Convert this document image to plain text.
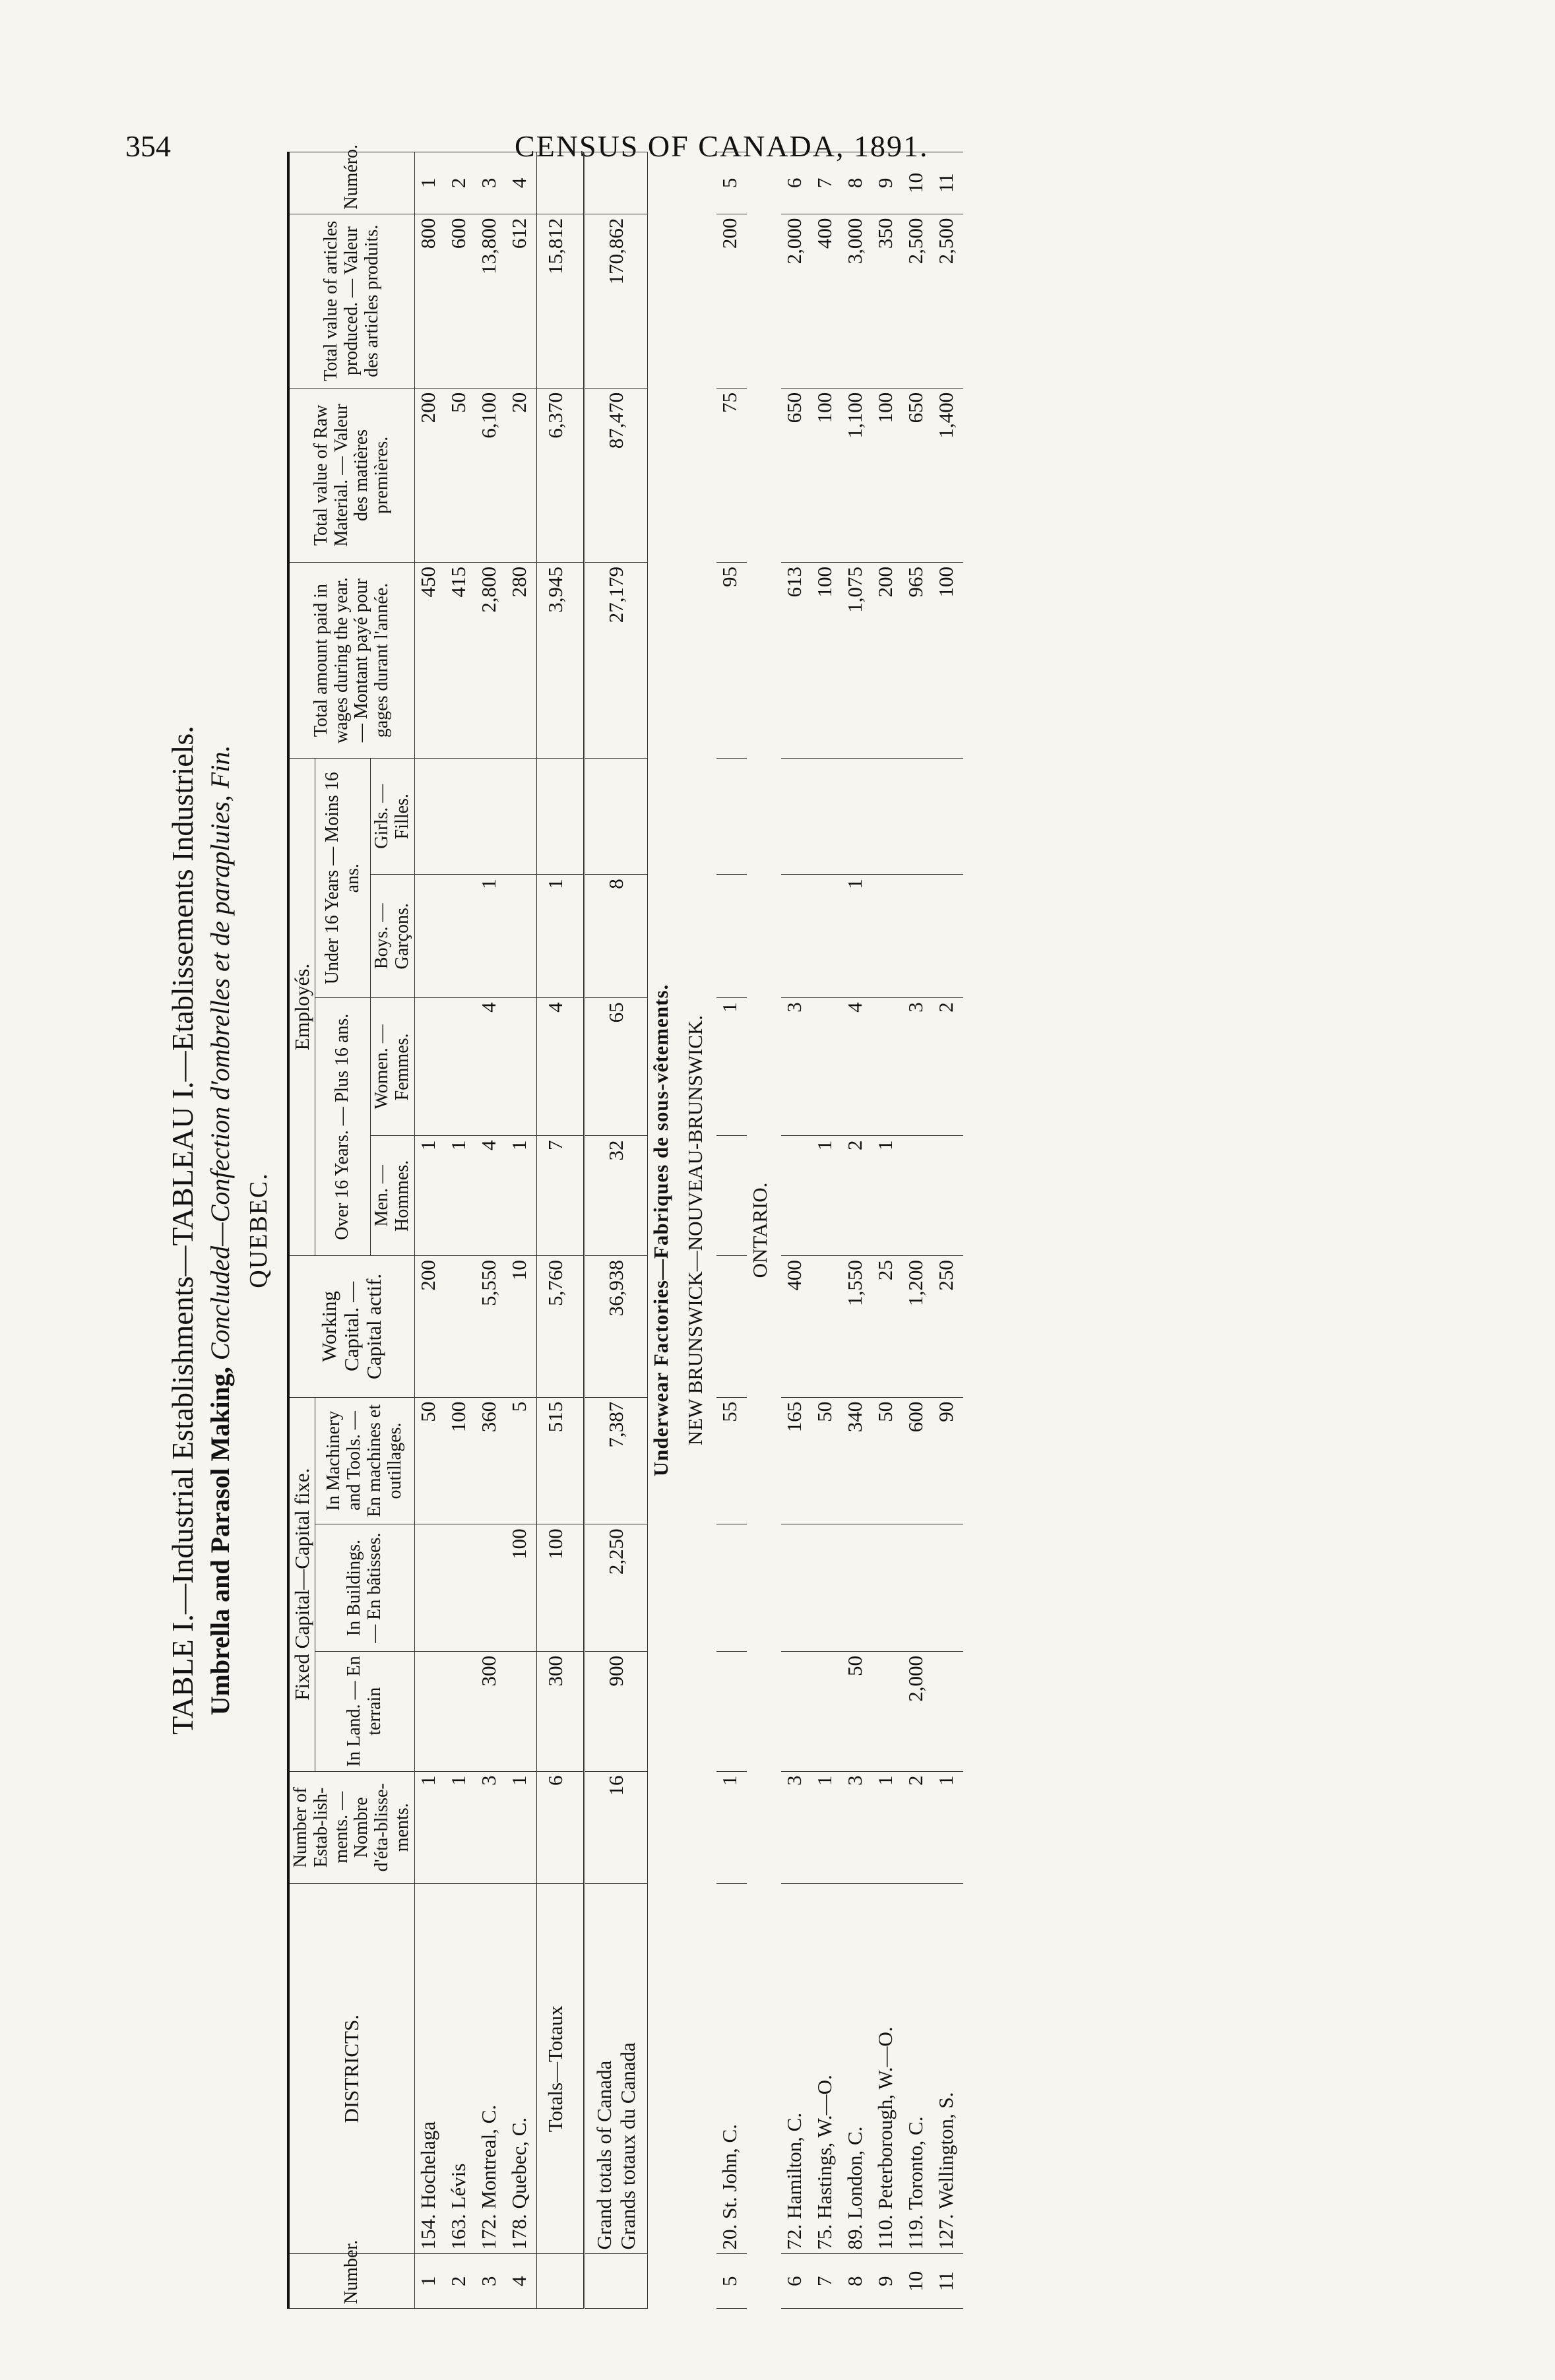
354	CENSUS OF CANADA, 1891.
TABLE I.—Industrial Establishments—TABLEAU I.—Etablissements Industriels. Umbrella and Parasol Making, Concluded—Confection d'ombrelles et de parapluies, Fin.
QUEBEC.
Number.	DISTRICTS.	Number of Estab-lish-ments. — Nombre d'éta-blisse-ments.	Fixed Capital—Capital fixe.			Working Capital. — Capital actif.	Employés.				Total amount paid in wages during the year. — Montant payé pour gages durant l'année.	Total value of Raw Material. — Valeur des matières premières.	Total value of articles produced. — Valeur des articles produits.	Numéro.
			In Land. — En terrain	In Buildings. — En bâtisses.	In Machinery and Tools. — En machines et outillages.		Over 16 Years. — Plus 16 ans.		Under 16 Years — Moins 16 ans.					
							Men. — Hommes.	Women. — Femmes.	Boys. — Garçons.	Girls. — Filles.				
1	154. Hochelaga	1			50	200	1				450	200	800	1
2	163. Lévis	1			100		1				415	50	600	2
3	172. Montreal, C.	3	300		360	5,550	4	4	1		2,800	6,100	13,800	3
4	178. Quebec, C.	1		100	5	10	1				280	20	612	4
	Totals—Totaux	6	300	100	515	5,760	7	4	1		3,945	6,370	15,812	

	Grand totals of Canada Grands totaux du Canada	16	900	2,250	7,387	36,938	32	65	8		27,179	87,470	170,862	
Underwear Factories—Fabriques de sous-vêtements.														
NEW BRUNSWICK—NOUVEAU-BRUNSWICK.														
5	20. St. John, C.	1			55			1			95	75	200	5
ONTARIO.														
6	72. Hamilton, C.	3			165	400		3			613	650	2,000	6
7	75. Hastings, W.—O.	1			50		1				100	100	400	7
8	89. London, C.	3	50		340	1,550	2	4	1		1,075	1,100	3,000	8
9	110. Peterborough, W.—O.	1			50	25	1				200	100	350	9
10	119. Toronto, C.	2	2,000		600	1,200		3			965	650	2,500	10
11	127. Wellington, S.	1			90	250		2			100	1,400	2,500	11
